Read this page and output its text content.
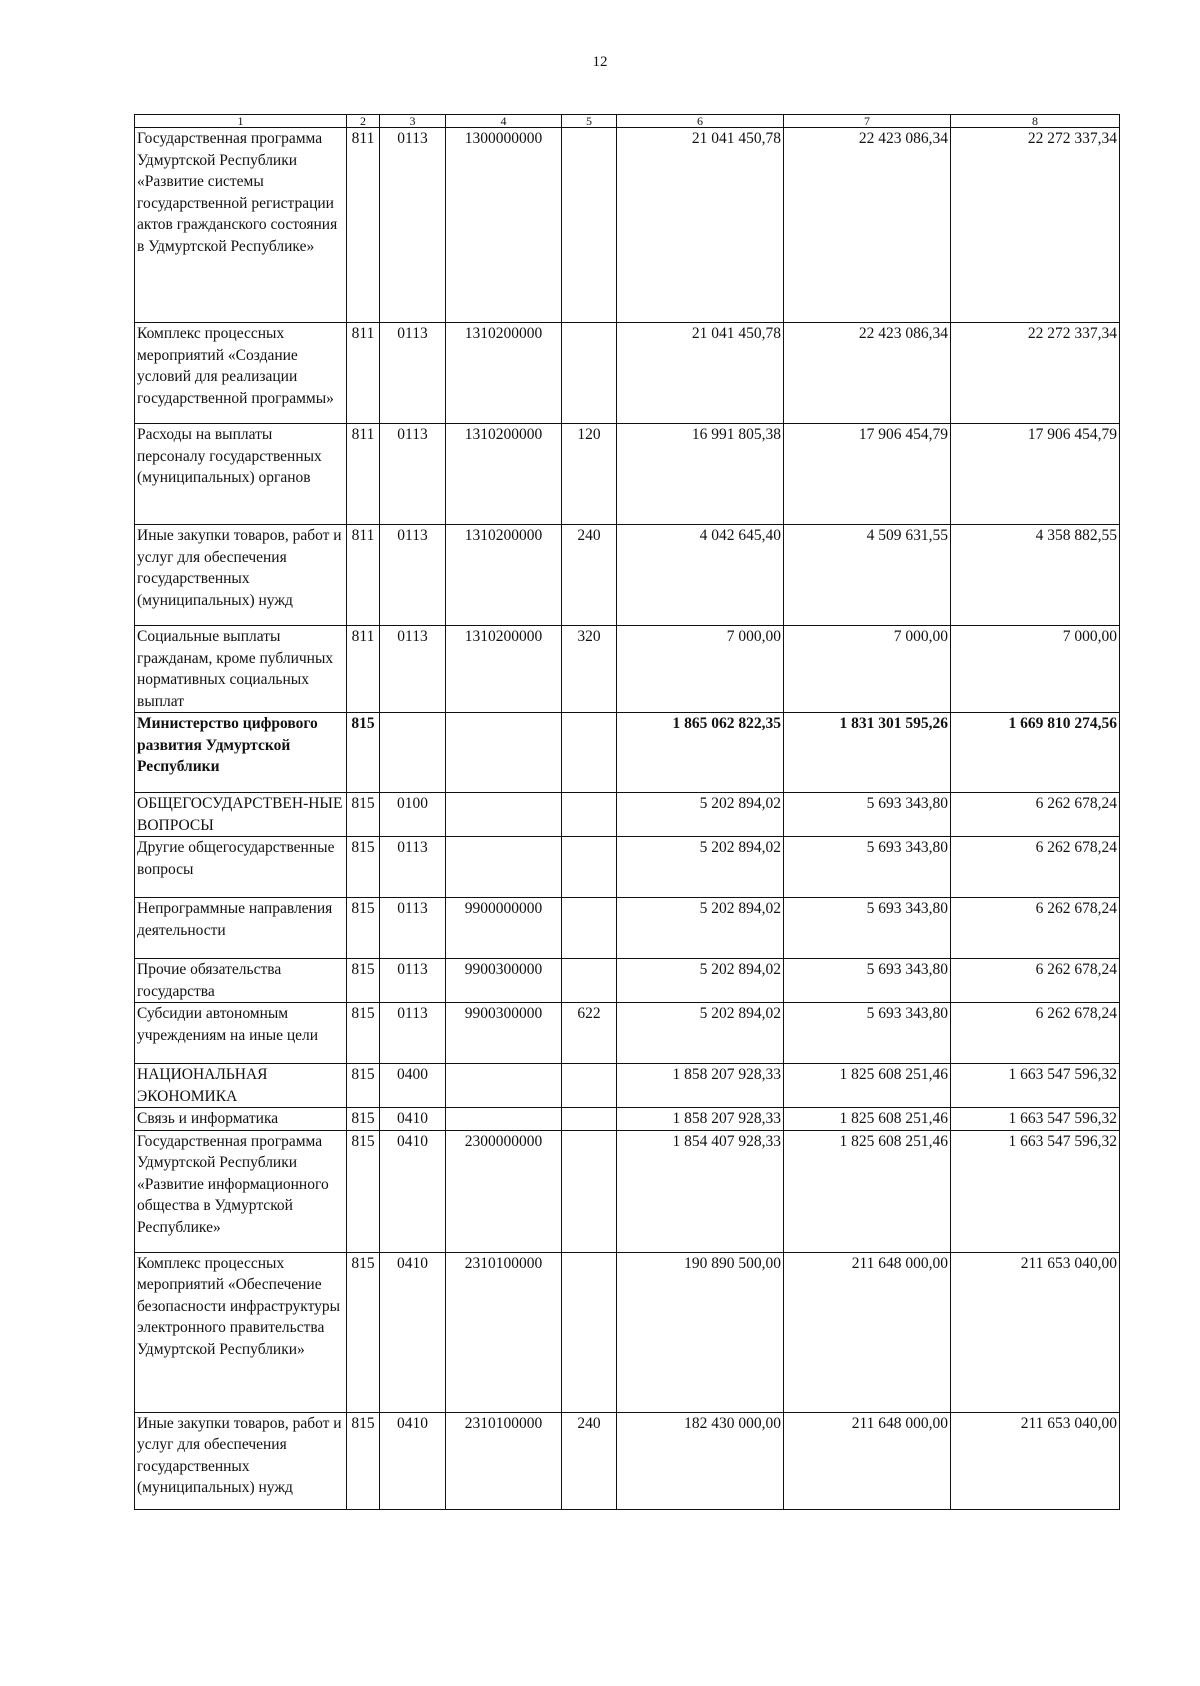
12
1	2	3	4	5	6	7	8
Государственная программа Удмуртской Республики «Развитие системы государственной регистрации актов гражданского состояния в Удмуртской Республике»	811	0113	1300000000		21 041 450,78	22 423 086,34	22 272 337,34
Комплекс процессных мероприятий «Создание условий для реализации государственной программы»	811	0113	1310200000		21 041 450,78	22 423 086,34	22 272 337,34
Расходы на выплаты персоналу государственных (муниципальных) органов	811	0113	1310200000	120	16 991 805,38	17 906 454,79	17 906 454,79
Иные закупки товаров, работ и услуг для обеспечения государственных (муниципальных) нужд	811	0113	1310200000	240	4 042 645,40	4 509 631,55	4 358 882,55
Социальные выплаты гражданам, кроме публичных нормативных социальных выплат	811	0113	1310200000	320	7 000,00	7 000,00	7 000,00
Министерство цифрового развития Удмуртской Республики	815				1 865 062 822,35	1 831 301 595,26	1 669 810 274,56
ОБЩЕГОСУДАРСТВЕН-НЫЕ ВОПРОСЫ	815	0100			5 202 894,02	5 693 343,80	6 262 678,24
Другие общегосударственные вопросы	815	0113			5 202 894,02	5 693 343,80	6 262 678,24
Непрограммные направления деятельности	815	0113	9900000000		5 202 894,02	5 693 343,80	6 262 678,24
Прочие обязательства государства	815	0113	9900300000		5 202 894,02	5 693 343,80	6 262 678,24
Субсидии автономным учреждениям на иные цели	815	0113	9900300000	622	5 202 894,02	5 693 343,80	6 262 678,24
НАЦИОНАЛЬНАЯ ЭКОНОМИКА	815	0400			1 858 207 928,33	1 825 608 251,46	1 663 547 596,32
Связь и информатика	815	0410			1 858 207 928,33	1 825 608 251,46	1 663 547 596,32
Государственная программа Удмуртской Республики «Развитие информационного общества в Удмуртской Республике»	815	0410	2300000000		1 854 407 928,33	1 825 608 251,46	1 663 547 596,32
Комплекс процессных мероприятий «Обеспечение безопасности инфраструктуры электронного правительства Удмуртской Республики»	815	0410	2310100000		190 890 500,00	211 648 000,00	211 653 040,00
Иные закупки товаров, работ и услуг для обеспечения государственных (муниципальных) нужд	815	0410	2310100000	240	182 430 000,00	211 648 000,00	211 653 040,00
